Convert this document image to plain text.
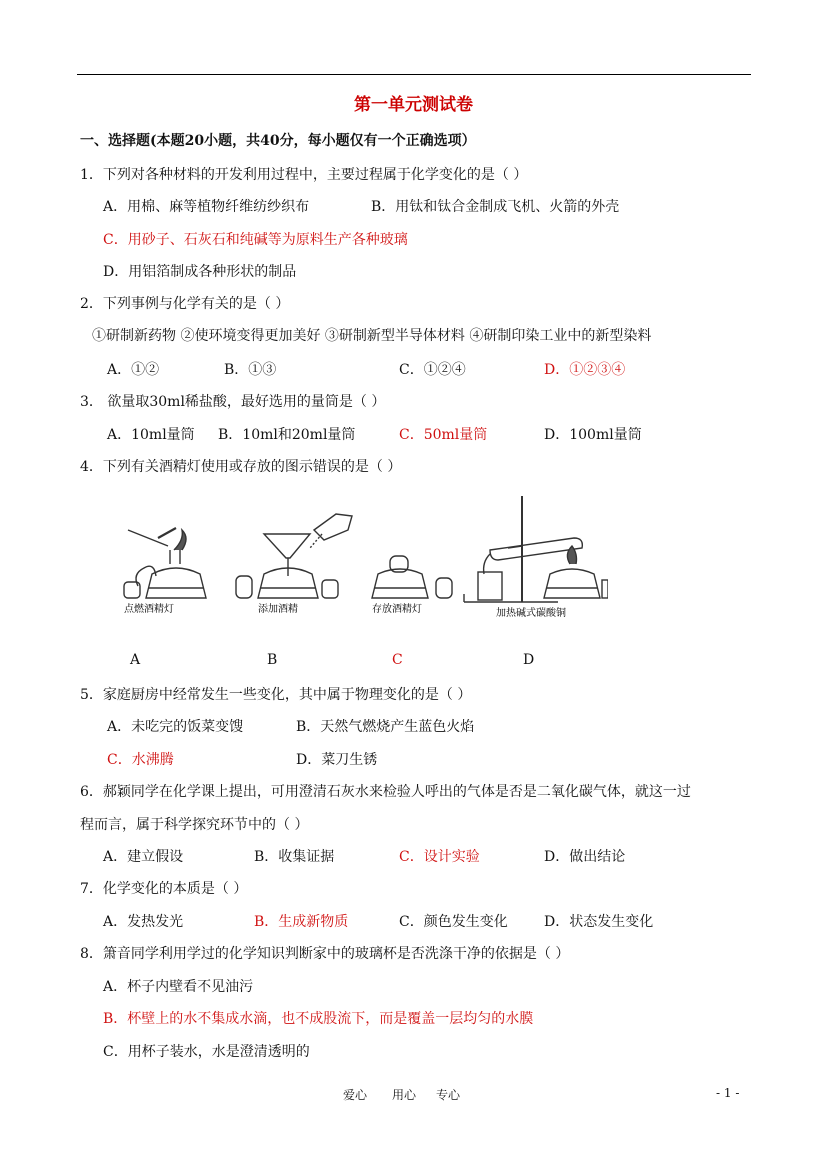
第一单元测试卷
一、选择题(本题20小题，共40分，每小题仅有一个正确选项）
1．下列对各种材料的开发利用过程中，主要过程属于化学变化的是（ ）
A．用棉、麻等植物纤维纺纱织布	B．用钛和钛合金制成飞机、火箭的外壳
C．用砂子、石灰石和纯碱等为原料生产各种玻璃
D．用铝箔制成各种形状的制品
2．下列事例与化学有关的是（ ）
①研制新药物 ②使环境变得更加美好 ③研制新型半导体材料 ④研制印染工业中的新型染料
A．①②	B．①③	C．①②④	D．①②③④
3． 欲量取30ml稀盐酸，最好选用的量筒是（ ）
A．10ml量筒 B．10ml和20ml量筒	C．50ml量筒	D．100ml量筒
4．下列有关酒精灯使用或存放的图示错误的是（ ）
点燃酒精灯	添加酒精	存放酒精灯	加热碱式碳酸铜
A	B	C	D
5．家庭厨房中经常发生一些变化，其中属于物理变化的是（ ）
A．未吃完的饭菜变馊	B．天然气燃烧产生蓝色火焰
C．水沸腾	D．菜刀生锈
6．郝颖同学在化学课上提出，可用澄清石灰水来检验人呼出的气体是否是二氧化碳气体，就这一过
程而言，属于科学探究环节中的（ ）
A．建立假设	B．收集证据	C．设计实验	D．做出结论
7．化学变化的本质是（ ）
A．发热发光	B．生成新物质	C．颜色发生变化	D．状态发生变化
8．箫音同学利用学过的化学知识判断家中的玻璃杯是否洗涤干净的依据是（ ）
A．杯子内壁看不见油污
B．杯壁上的水不集成水滴，也不成股流下，而是覆盖一层均匀的水膜
C．用杯子装水，水是澄清透明的
爱心 用心 专心	- 1 -
